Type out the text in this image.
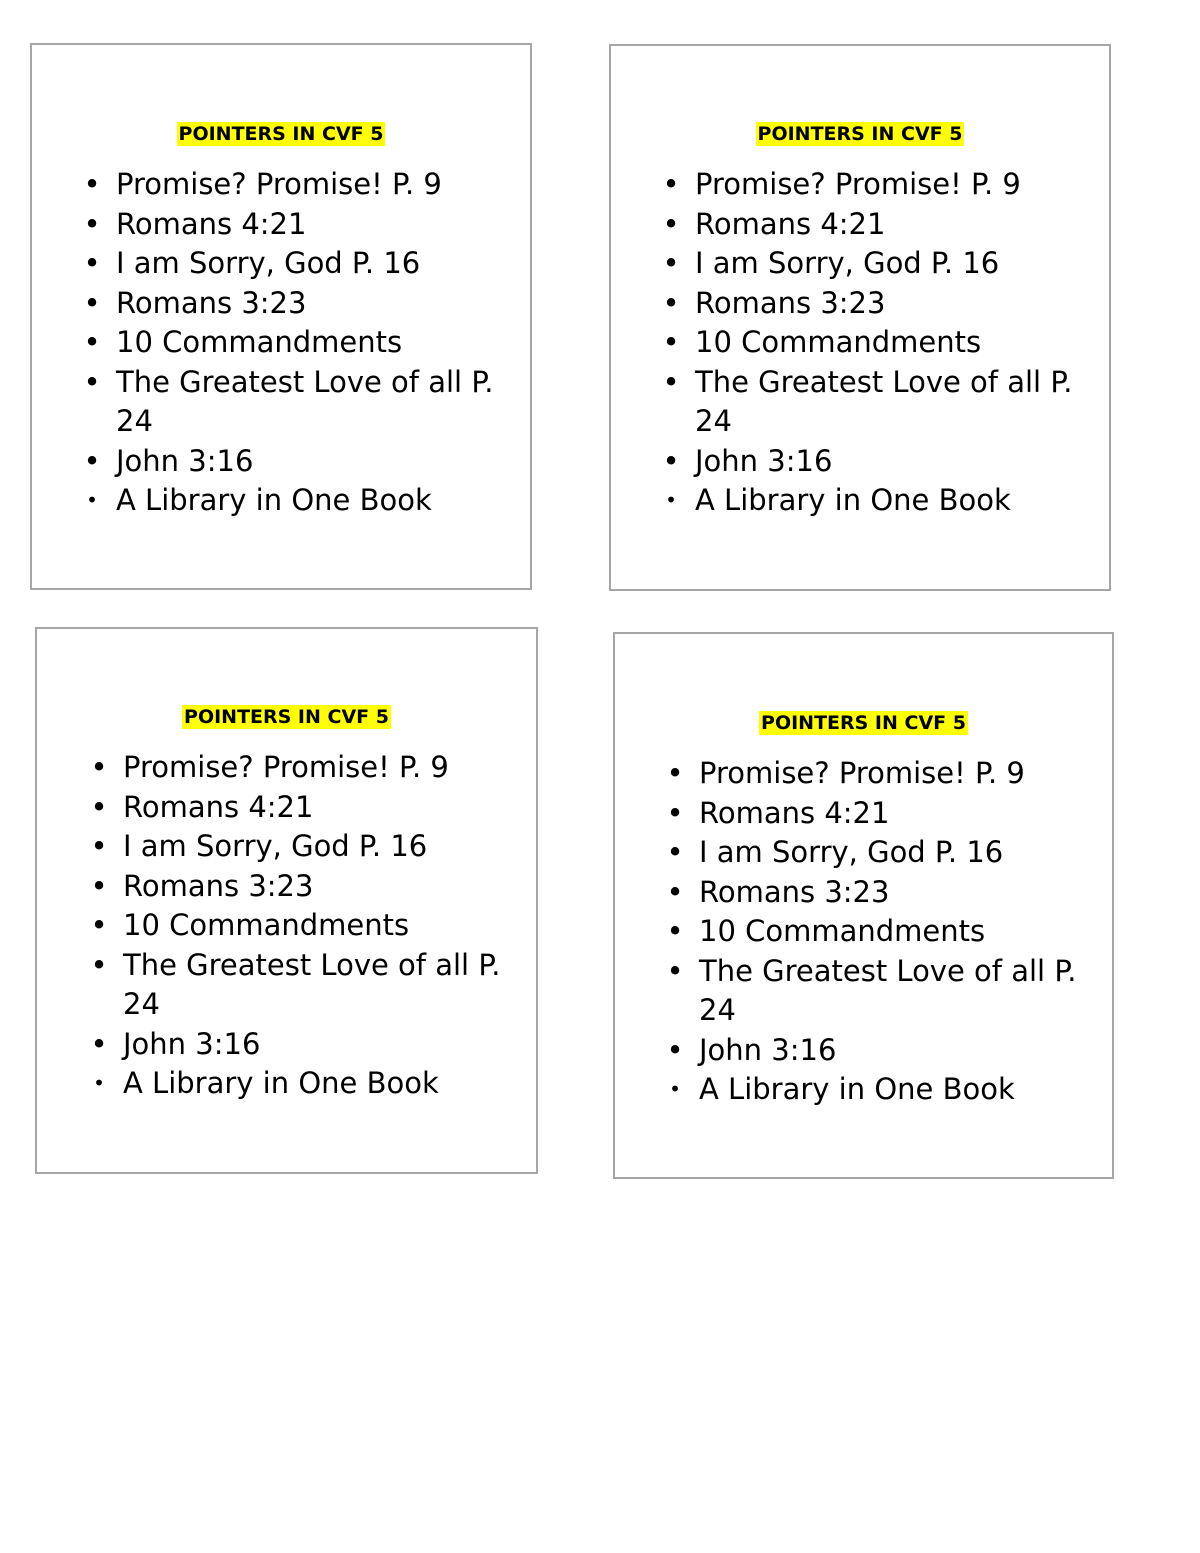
POINTERS IN CVF 5
• Promise? Promise! P. 9
• Romans 4:21
• I am Sorry, God P. 16
• Romans 3:23
• 10 Commandments
• The Greatest Love of all P. 24
• John 3:16
• A Library in One Book
POINTERS IN CVF 5
• Promise? Promise! P. 9
• Romans 4:21
• I am Sorry, God P. 16
• Romans 3:23
• 10 Commandments
• The Greatest Love of all P. 24
• John 3:16
• A Library in One Book
POINTERS IN CVF 5
• Promise? Promise! P. 9
• Romans 4:21
• I am Sorry, God P. 16
• Romans 3:23
• 10 Commandments
• The Greatest Love of all P. 24
• John 3:16
• A Library in One Book
POINTERS IN CVF 5
• Promise? Promise! P. 9
• Romans 4:21
• I am Sorry, God P. 16
• Romans 3:23
• 10 Commandments
• The Greatest Love of all P. 24
• John 3:16
• A Library in One Book
